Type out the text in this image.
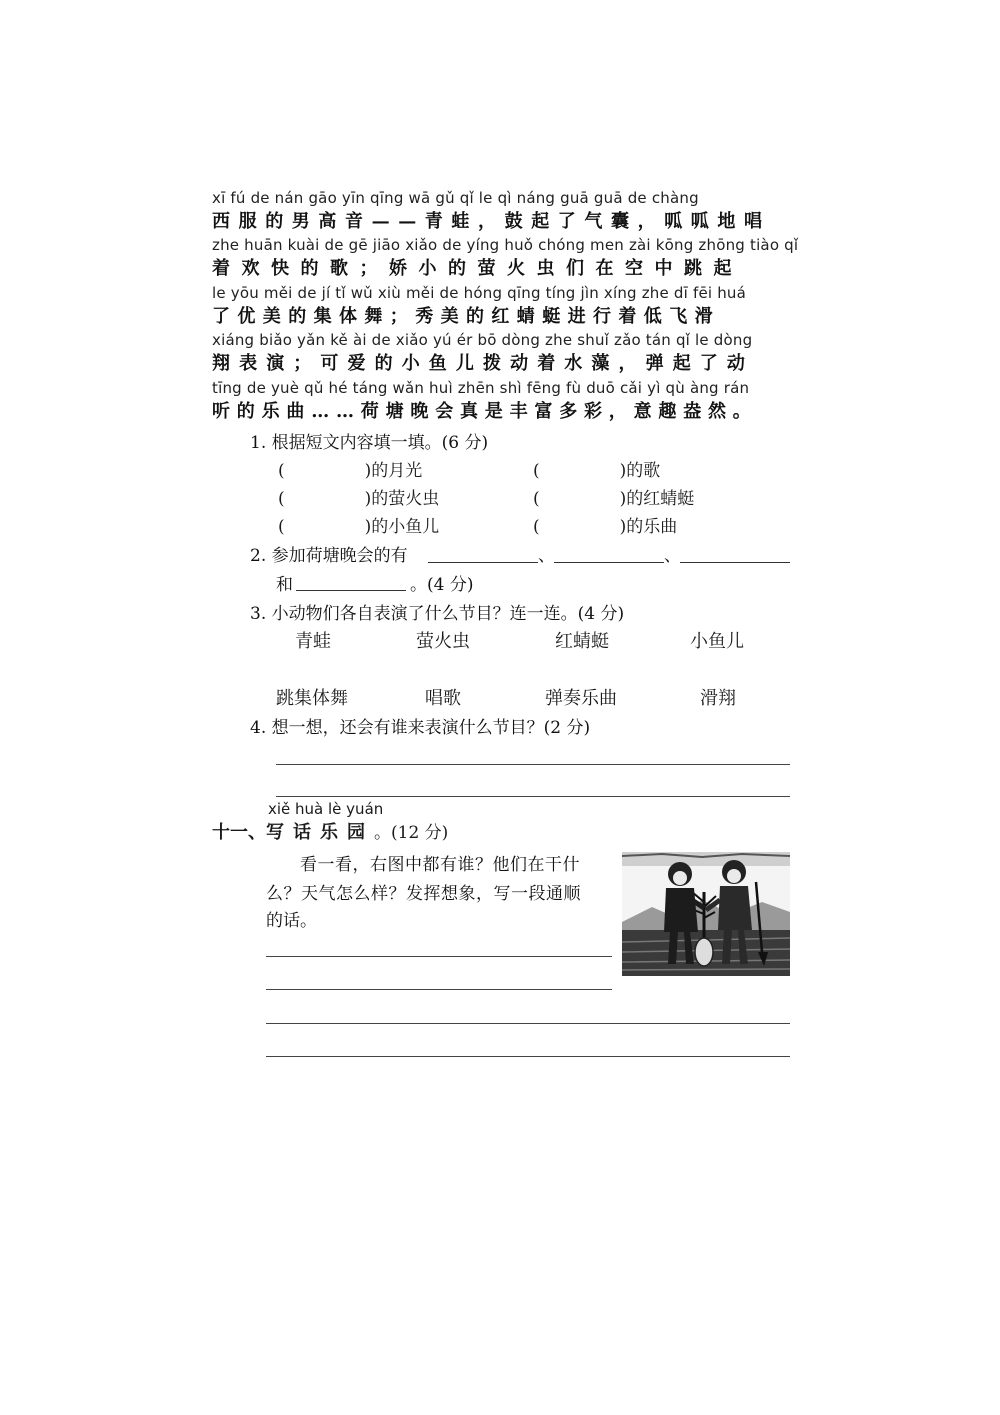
xī fú de nán gāo yīn qīng wā gǔ qǐ le qì náng guā guā de chàng
西服的男高音——青蛙，鼓起了气囊，呱呱地唱
zhe huān kuài de gē jiāo xiǎo de yíng huǒ chóng men zài kōng zhōng tiào qǐ
着欢快的歌；娇小的萤火虫们在空中跳起
le yōu měi de jí tǐ wǔ xiù měi de hóng qīng tíng jìn xíng zhe dī fēi huá
了优美的集体舞；秀美的红蜻蜓进行着低飞滑
xiáng biǎo yǎn kě ài de xiǎo yú ér bō dòng zhe shuǐ zǎo tán qǐ le dòng
翔表演；可爱的小鱼儿拨动着水藻，弹起了动
tīng de yuè qǔ hé táng wǎn huì zhēn shì fēng fù duō cǎi yì qù àng rán
听的乐曲……荷塘晚会真是丰富多彩，意趣盎然。
1. 根据短文内容填一填。(6 分)
(	)的月光	(	)的歌
(	)的萤火虫	(	)的红蜻蜓
(	)的小鱼儿	(	)的乐曲
2. 参加荷塘晚会的有	、	、
和	。(4 分)
3. 小动物们各自表演了什么节目？连一连。(4 分)
青蛙	萤火虫	红蜻蜓	小鱼儿
跳集体舞	唱歌	弹奏乐曲	滑翔
4. 想一想，还会有谁来表演什么节目？(2 分)
xiě huà lè yuán
十一、写话乐园。(12 分)
看一看，右图中都有谁？他们在干什
么？天气怎么样？发挥想象，写一段通顺
的话。
